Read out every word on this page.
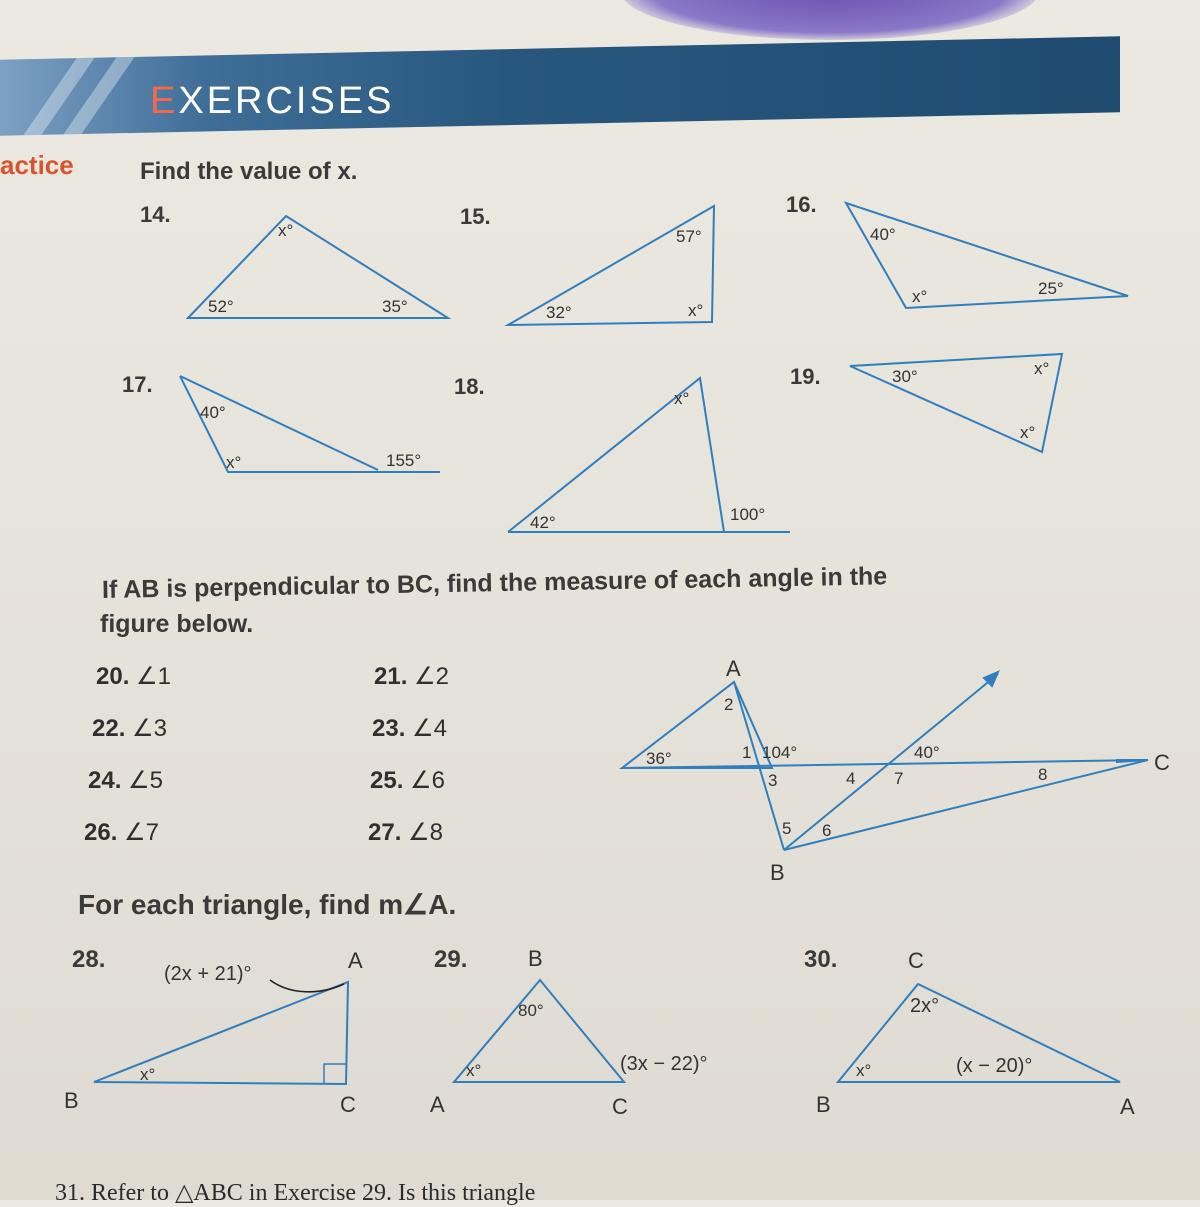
EXERCISES
actice	Find the value of x.
14.	15.	16.
17.	18.	19.
If AB is perpendicular to BC, find the measure of each angle in the
figure below.
20. ∠1	21. ∠2
22. ∠3	23. ∠4
24. ∠5	25. ∠6
26. ∠7	27. ∠8
For each triangle, find m∠A.
28.	29.	30.
31. Refer to △ABC in Exercise 29. Is this triangle
x°
52°	35°
57°
32°	x°
40°
x°	25°
40°
x°	155°
x°
42°	100°
30°	x°
x°
A
B
C
36°	104°	40°
1
2
3	4
5 6
7	8
(2x + 21)°
x°
A
B	C
80°
x°	(3x − 22)°
B
A	C
2x°
x°	(x − 20)°
C
B	A
